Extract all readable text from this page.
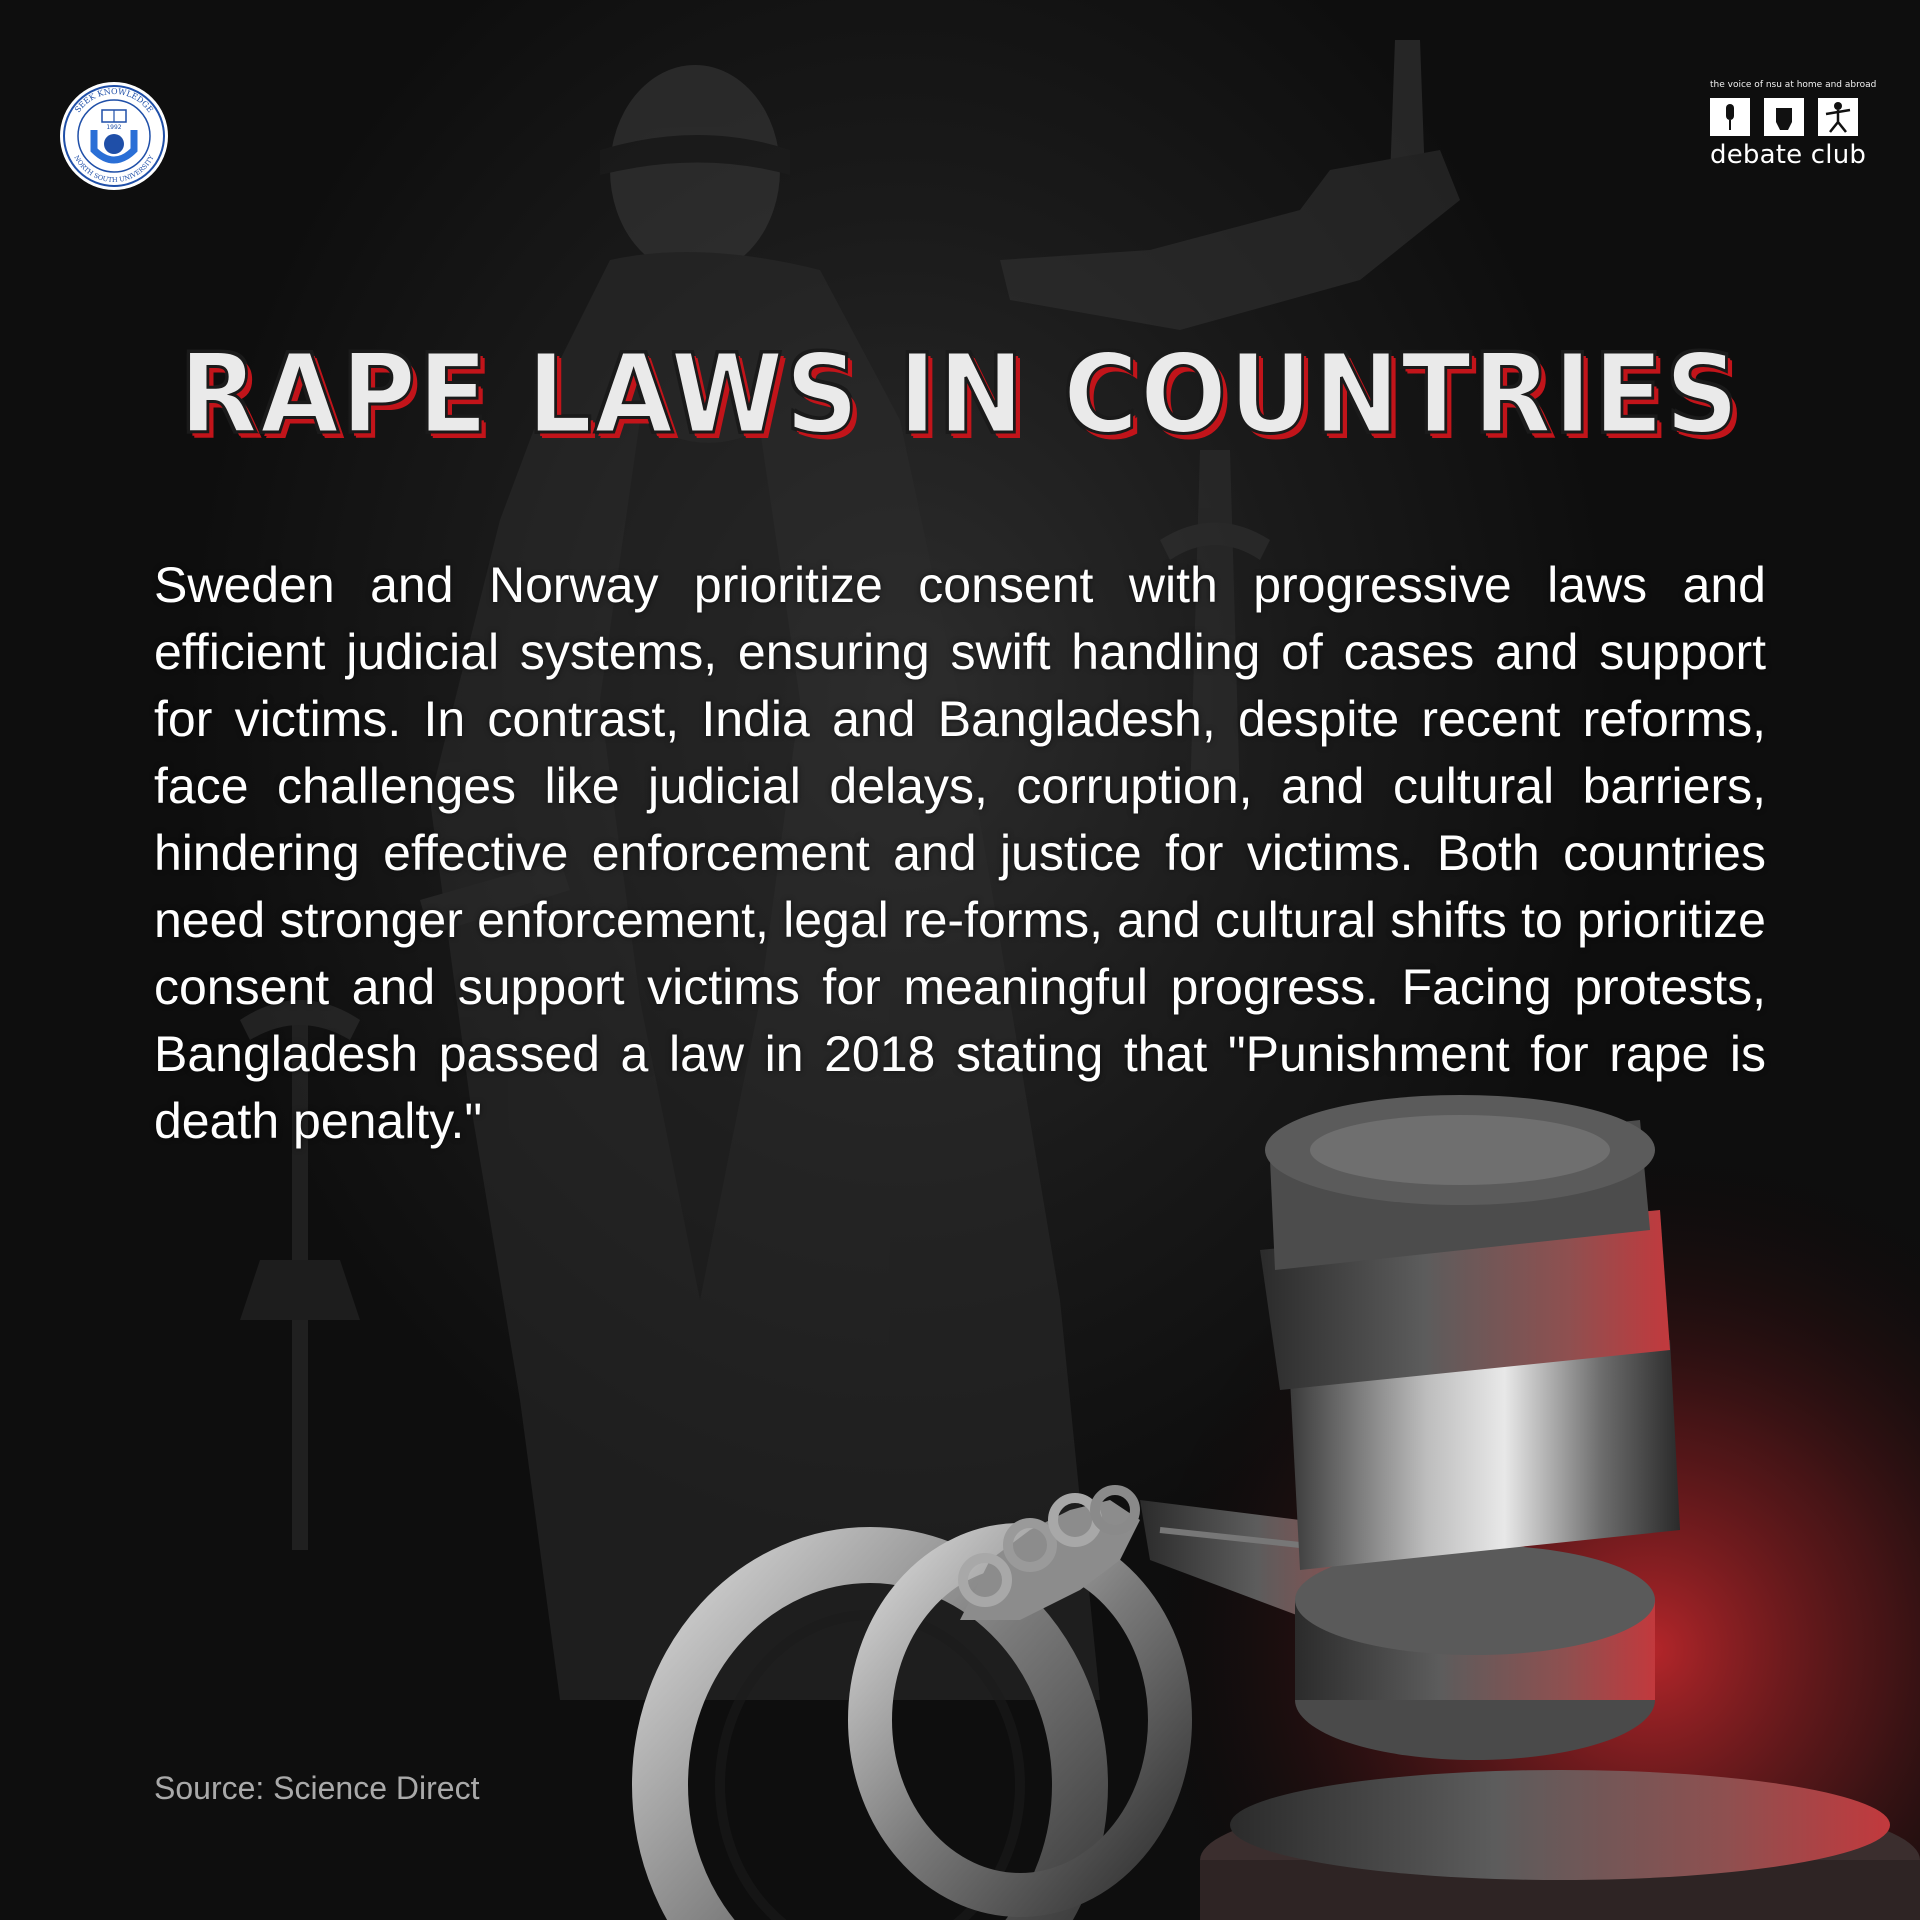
SEEK KNOWLEDGE
NORTH SOUTH UNIVERSITY
1992
the voice of nsu at home and abroad
debate club
RAPE LAWS IN COUNTRIES

Sweden and Norway prioritize consent with progressive laws and efficient judicial systems, ensuring swift handling of cases and support for victims. In contrast, India and Bangladesh, despite recent reforms, face challenges like judicial delays, corruption, and cultural barriers, hindering effective enforcement and justice for victims. Both countries need stronger enforcement, legal re-forms, and cultural shifts to prioritize consent and support victims for meaningful progress. Facing protests, Bangladesh passed a law in 2018 stating that "Punishment for rape is death penalty."

Source: Science Direct
